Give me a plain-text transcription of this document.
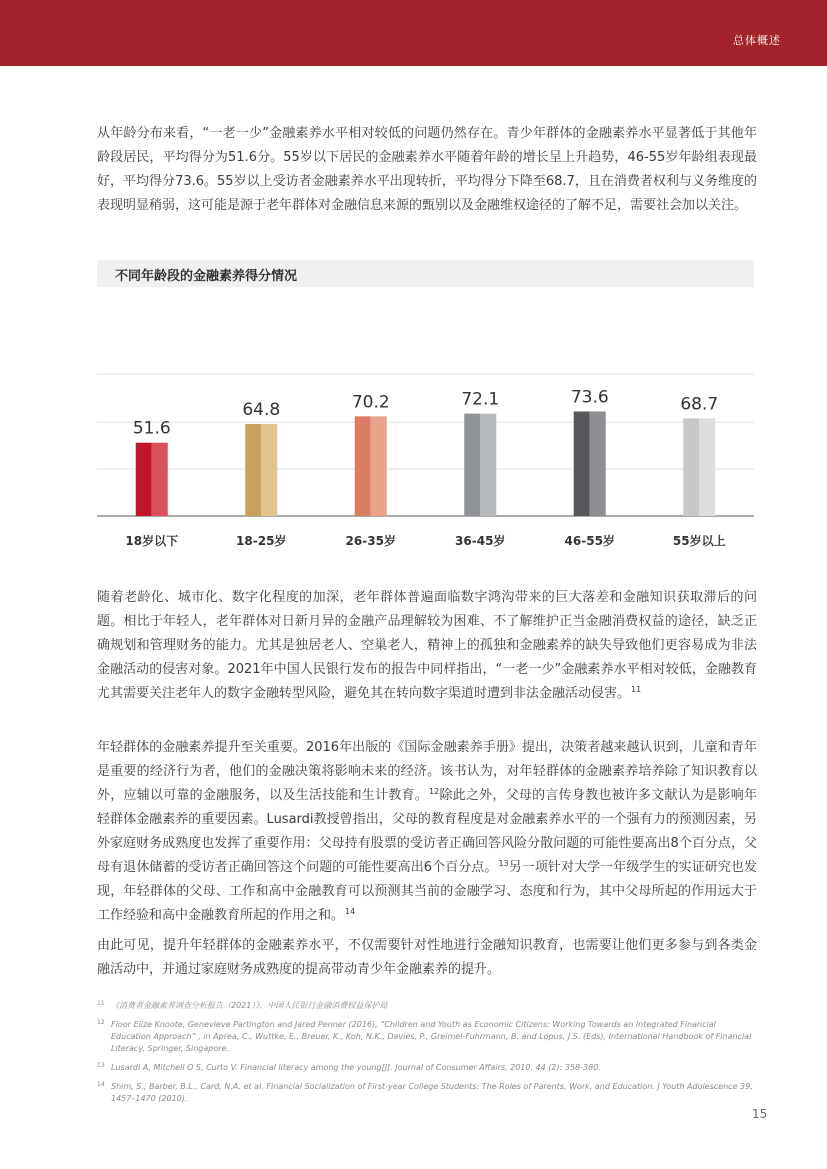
总体概述

从年龄分布来看，“一老一少”金融素养水平相对较低的问题仍然存在。青少年群体的金融素养水平显著低于其他年龄段居民，平均得分为51.6分。55岁以下居民的金融素养水平随着年龄的增长呈上升趋势，46-55岁年龄组表现最好，平均得分73.6。55岁以上受访者金融素养水平出现转折，平均得分下降至68.7，且在消费者权利与义务维度的表现明显稍弱，这可能是源于老年群体对金融信息来源的甄别以及金融维权途径的了解不足，需要社会加以关注。

不同年龄段的金融素养得分情况
51.6
18岁以下
64.8
18-25岁
70.2
26-35岁
72.1
36-45岁
73.6
46-55岁
68.7
55岁以上

随着老龄化、城市化、数字化程度的加深，老年群体普遍面临数字鸿沟带来的巨大落差和金融知识获取滞后的问题。相比于年轻人，老年群体对日新月异的金融产品理解较为困难、不了解维护正当金融消费权益的途径，缺乏正确规划和管理财务的能力。尤其是独居老人、空巢老人，精神上的孤独和金融素养的缺失导致他们更容易成为非法金融活动的侵害对象。2021年中国人民银行发布的报告中同样指出，“一老一少”金融素养水平相对较低，金融教育尤其需要关注老年人的数字金融转型风险，避免其在转向数字渠道时遭到非法金融活动侵害。$^{11}$

年轻群体的金融素养提升至关重要。2016年出版的《国际金融素养手册》提出，决策者越来越认识到，儿童和青年是重要的经济行为者，他们的金融决策将影响未来的经济。该书认为，对年轻群体的金融素养培养除了知识教育以外，应辅以可靠的金融服务，以及生活技能和生计教育。$^{12}$除此之外，父母的言传身教也被许多文献认为是影响年轻群体金融素养的重要因素。Lusardi教授曾指出，父母的教育程度是对金融素养水平的一个强有力的预测因素，另外家庭财务成熟度也发挥了重要作用：父母持有股票的受访者正确回答风险分散问题的可能性要高出8个百分点，父母有退休储蓄的受访者正确回答这个问题的可能性要高出6个百分点。$^{13}$另一项针对大学一年级学生的实证研究也发现，年轻群体的父母、工作和高中金融教育可以预测其当前的金融学习、态度和行为，其中父母所起的作用远大于工作经验和高中金融教育所起的作用之和。$^{14}$

由此可见，提升年轻群体的金融素养水平，不仅需要针对性地进行金融知识教育，也需要让他们更多参与到各类金融活动中，并通过家庭财务成熟度的提高带动青少年金融素养的提升。

11 《消费者金融素养调查分析报告（2021）》，中国人民银行金融消费权益保护局
12 Floor Elize Knoote, Genevieve Partington and Jared Penner (2016), “Children and Youth as Economic Citizens: Working Towards an Integrated Financial Education Approach” , in Aprea, C., Wuttke, E., Breuer, K., Koh, N.K., Davies, P., Greimel-Fuhrmann, B. and Lopus, J.S. (Eds), International Handbook of Financial Literacy, Springer, Singapore.
13 Lusardi A, Mitchell O S, Curto V. Financial literacy among the young[J]. Journal of Consumer Affairs, 2010, 44 (2): 358-380.
14 Shim, S., Barber, B.L., Card, N.A. et al. Financial Socialization of First-year College Students: The Roles of Parents, Work, and Education. J Youth Adolescence 39, 1457–1470 (2010).
15
